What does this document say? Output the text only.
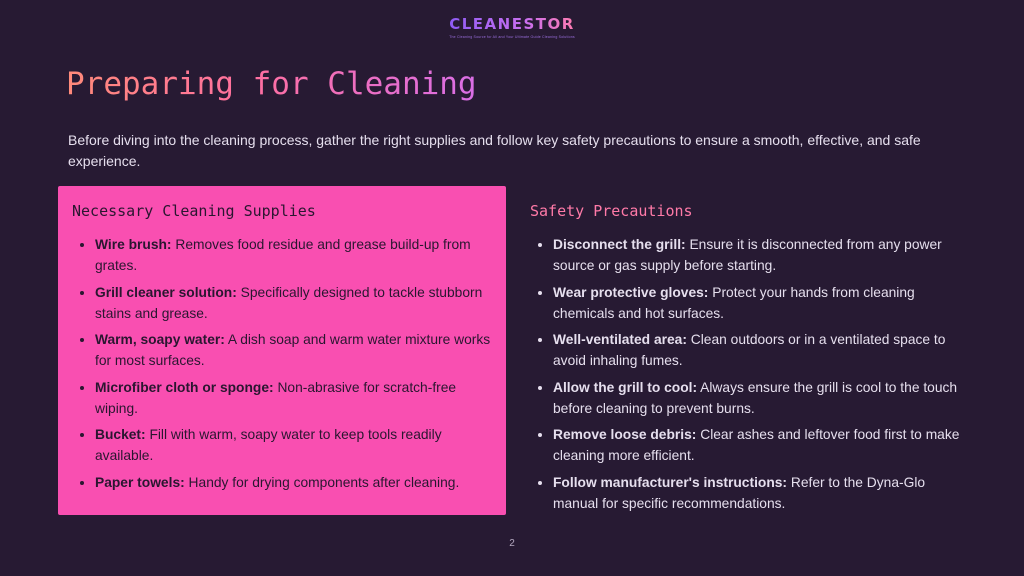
CLEANESTOR
The Cleaning Source for All and Your Ultimate Guide Cleaning Solutions
Preparing for Cleaning

Before diving into the cleaning process, gather the right supplies and follow key safety precautions to ensure a smooth, effective, and safe experience.

Necessary Cleaning Supplies
• Wire brush: Removes food residue and grease build-up from grates.
• Grill cleaner solution: Specifically designed to tackle stubborn stains and grease.
• Warm, soapy water: A dish soap and warm water mixture works for most surfaces.
• Microfiber cloth or sponge: Non-abrasive for scratch-free wiping.
• Bucket: Fill with warm, soapy water to keep tools readily available.
• Paper towels: Handy for drying components after cleaning.
Safety Precautions
• Disconnect the grill: Ensure it is disconnected from any power source or gas supply before starting.
• Wear protective gloves: Protect your hands from cleaning chemicals and hot surfaces.
• Well-ventilated area: Clean outdoors or in a ventilated space to avoid inhaling fumes.
• Allow the grill to cool: Always ensure the grill is cool to the touch before cleaning to prevent burns.
• Remove loose debris: Clear ashes and leftover food first to make cleaning more efficient.
• Follow manufacturer's instructions: Refer to the Dyna-Glo manual for specific recommendations.
2
